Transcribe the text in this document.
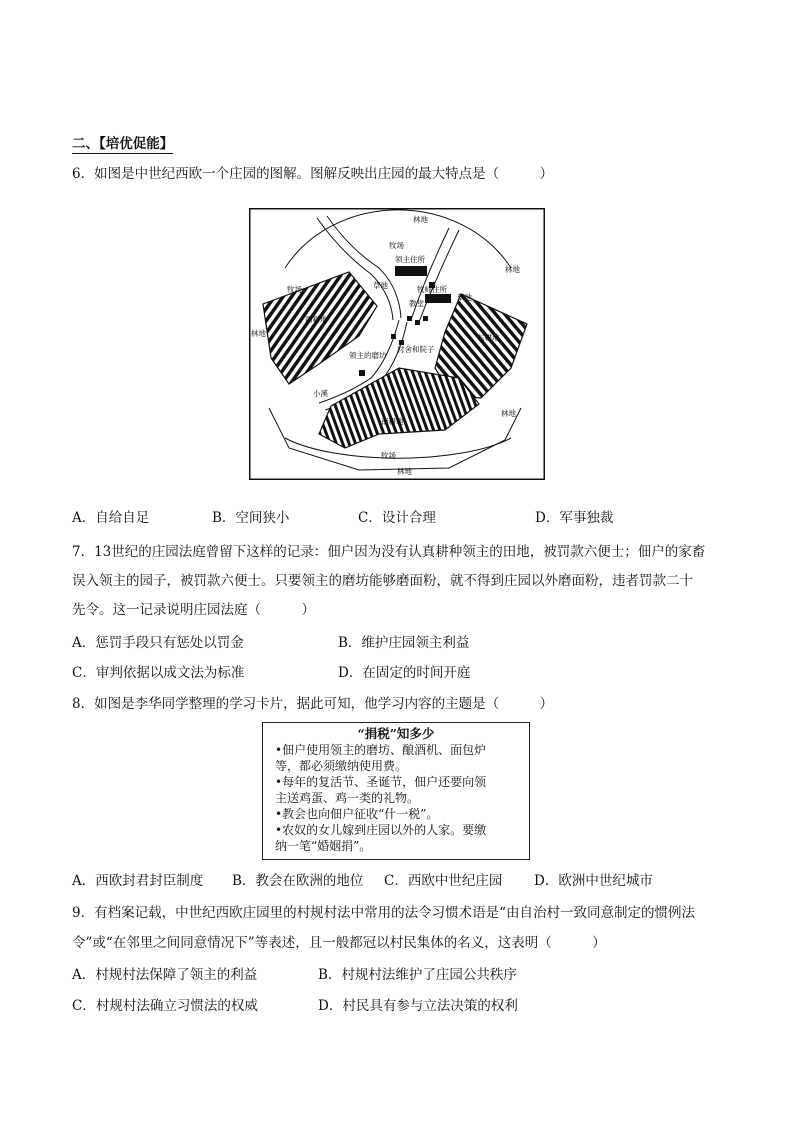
二、【培优促能】
6．如图是中世纪西欧一个庄园的图解。图解反映出庄园的最大特点是（　　　）
林地
牧场
领主住所
牧场	草地	牧师住所
教堂
草地
林地
林地
西耕地
东耕地
村舍和院子
领主的磨坊
小溪
南耕地
林地
牧场
林地
A．自给自足	B．空间狭小	C．设计合理	D．军事独裁
7．13世纪的庄园法庭曾留下这样的记录：佃户因为没有认真耕种领主的田地，被罚款六便士；佃户的家畜
误入领主的园子，被罚款六便士。只要领主的磨坊能够磨面粉，就不得到庄园以外磨面粉，违者罚款二十
先令。这一记录说明庄园法庭（　　　）
A．惩罚手段只有惩处以罚金	B．维护庄园领主利益
C．审判依据以成文法为标准	D．在固定的时间开庭
8．如图是李华同学整理的学习卡片，据此可知，他学习内容的主题是（　　　）
“捐税”知多少
•佃户使用领主的磨坊、酿酒机、面包炉
等，都必须缴纳使用费。
•每年的复活节、圣诞节，佃户还要向领
主送鸡蛋、鸡一类的礼物。
•教会也向佃户征收“什一税”。
•农奴的女儿嫁到庄园以外的人家。要缴
纳一笔“婚姻捐”。
A．西欧封君封臣制度 B．教会在欧洲的地位 C．西欧中世纪庄园 D．欧洲中世纪城市
9．有档案记载，中世纪西欧庄园里的村规村法中常用的法令习惯术语是“由自治村一致同意制定的惯例法
令”或“在邻里之间同意情况下”等表述，且一般都冠以村民集体的名义，这表明（　　　）
A．村规村法保障了领主的利益	B．村规村法维护了庄园公共秩序
C．村规村法确立习惯法的权威	D．村民具有参与立法决策的权利
